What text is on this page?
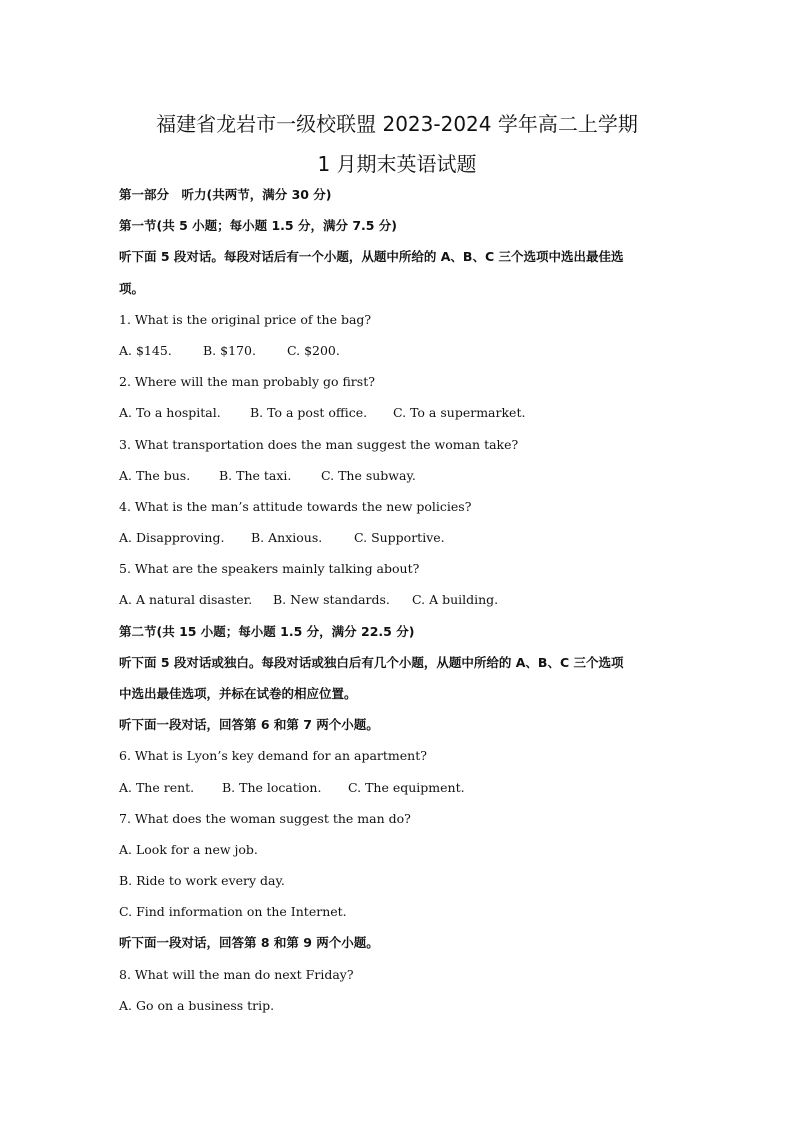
福建省龙岩市一级校联盟 2023-2024 学年高二上学期
1 月期末英语试题
第一部分　听力(共两节，满分 30 分)
第一节(共 5 小题；每小题 1.5 分，满分 7.5 分)
听下面 5 段对话。每段对话后有一个小题，从题中所给的 A、B、C 三个选项中选出最佳选
项。
1. What is the original price of the bag?
A. $145. B. $170. C. $200.
2. Where will the man probably go first?
A. To a hospital. B. To a post office. C. To a supermarket.
3. What transportation does the man suggest the woman take?
A. The bus. B. The taxi. C. The subway.
4. What is the man’s attitude towards the new policies?
A. Disapproving. B. Anxious.	C. Supportive.
5. What are the speakers mainly talking about?
A. A natural disaster. B. New standards. C. A building.
第二节(共 15 小题；每小题 1.5 分，满分 22.5 分)
听下面 5 段对话或独白。每段对话或独白后有几个小题，从题中所给的 A、B、C 三个选项
中选出最佳选项，并标在试卷的相应位置。
听下面一段对话，回答第 6 和第 7 两个小题。
6. What is Lyon’s key demand for an apartment?
A. The rent. B. The location. C. The equipment.
7. What does the woman suggest the man do?
A. Look for a new job.
B. Ride to work every day.
C. Find information on the Internet.
听下面一段对话，回答第 8 和第 9 两个小题。
8. What will the man do next Friday?
A. Go on a business trip.
